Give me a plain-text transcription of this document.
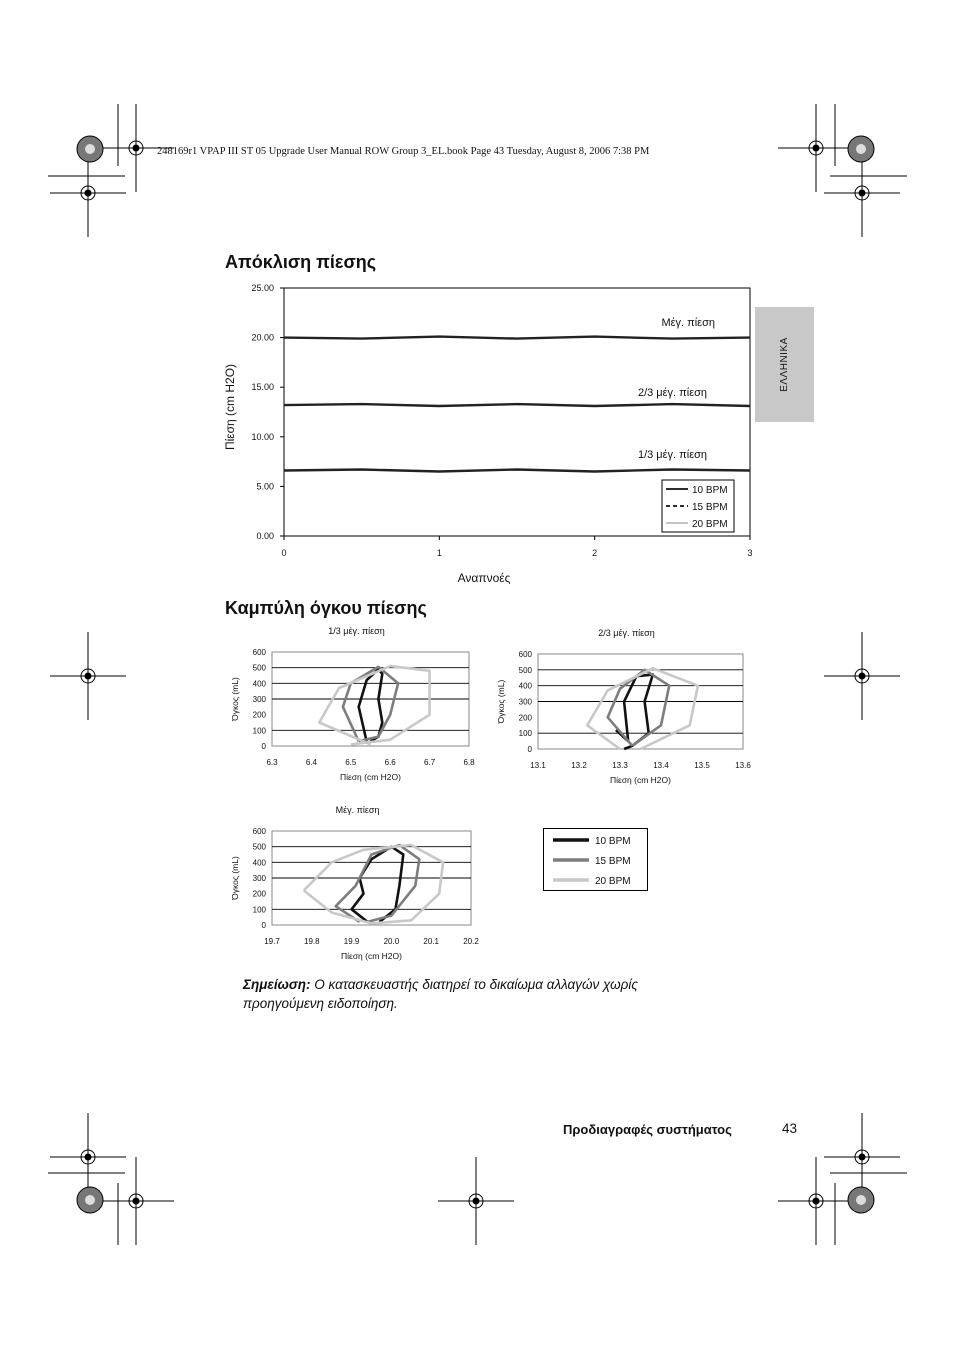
248169r1 VPAP III ST 05 Upgrade User Manual ROW Group 3_EL.book Page 43 Tuesday, August 8, 2006 7:38 PM
ΕΛΛΗΝΙΚΑ
Απόκλιση πίεσης
Καμπύλη όγκου πίεσης
0.00
5.00
10.00
15.00
20.00
25.00
0	1	2	3
Αναπνοές
Πίεση (cm H2O)
Μέγ. πίεση
2/3 μέγ. πίεση
1/3 μέγ. πίεση
10 BPM
15 BPM
20 BPM
1/3 μέγ. πίεση
0
100
200
300
400
500
600
6.3	6.4	6.5	6.6	6.7	6.8
Πίεση (cm H2O)
Όγκος (mL)
2/3 μέγ. πίεση
0
100
200
300
400
500
600
13.1	13.2	13.3	13.4	13.5	13.6
Πίεση (cm H2O)
Όγκος (mL)
Μέγ. πίεση
0
100
200
300
400
500
600
19.7	19.8	19.9	20.0	20.1	20.2
Πίεση (cm H2O)
Όγκος (mL)
10 BPM
15 BPM
20 BPM
Σημείωση: Ο κατασκευαστής διατηρεί το δικαίωμα αλλαγών χωρίς προηγούμενη ειδοποίηση.
Προδιαγραφές συστήματος	43
